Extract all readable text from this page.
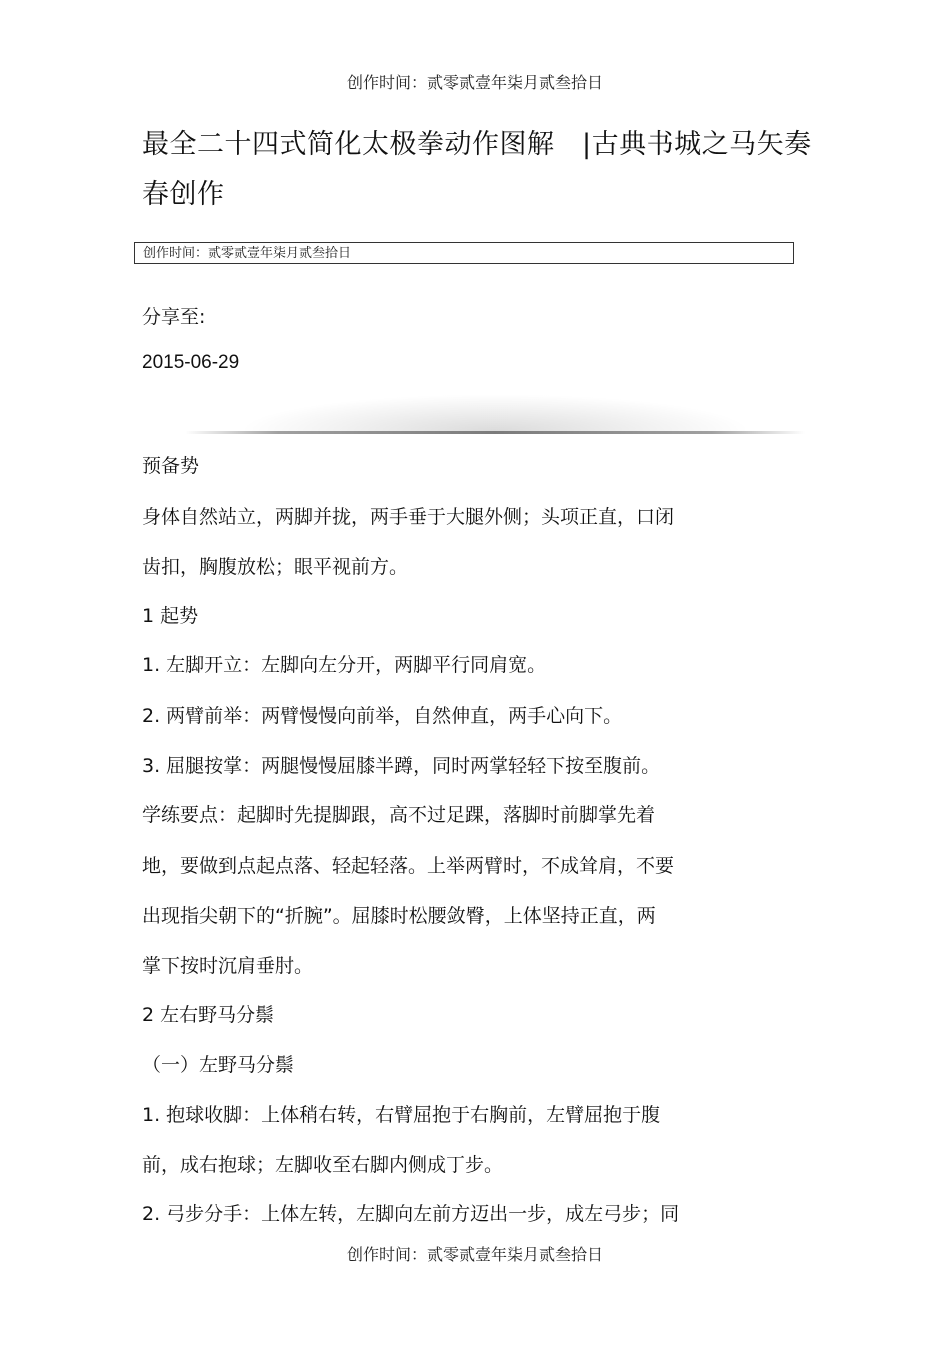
创作时间：贰零贰壹年柒月贰叁拾日
最全二十四式简化太极拳动作图解　|古典书城之马矢奏春创作
创作时间：贰零贰壹年柒月贰叁拾日
分享至:
2015-06-29
预备势
身体自然站立，两脚并拢，两手垂于大腿外侧；头项正直，口闭
齿扣，胸腹放松；眼平视前方。
1 起势
1. 左脚开立：左脚向左分开，两脚平行同肩宽。
2. 两臂前举：两臂慢慢向前举，自然伸直，两手心向下。
3. 屈腿按掌：两腿慢慢屈膝半蹲，同时两掌轻轻下按至腹前。
学练要点：起脚时先提脚跟，高不过足踝，落脚时前脚掌先着
地，要做到点起点落、轻起轻落。上举两臂时，不成耸肩，不要
出现指尖朝下的“折腕”。屈膝时松腰敛臀，上体坚持正直，两
掌下按时沉肩垂肘。
2 左右野马分鬃
（一）左野马分鬃
1. 抱球收脚：上体稍右转，右臂屈抱于右胸前，左臂屈抱于腹
前，成右抱球；左脚收至右脚内侧成丁步。
2. 弓步分手：上体左转，左脚向左前方迈出一步，成左弓步；同
创作时间：贰零贰壹年柒月贰叁拾日
